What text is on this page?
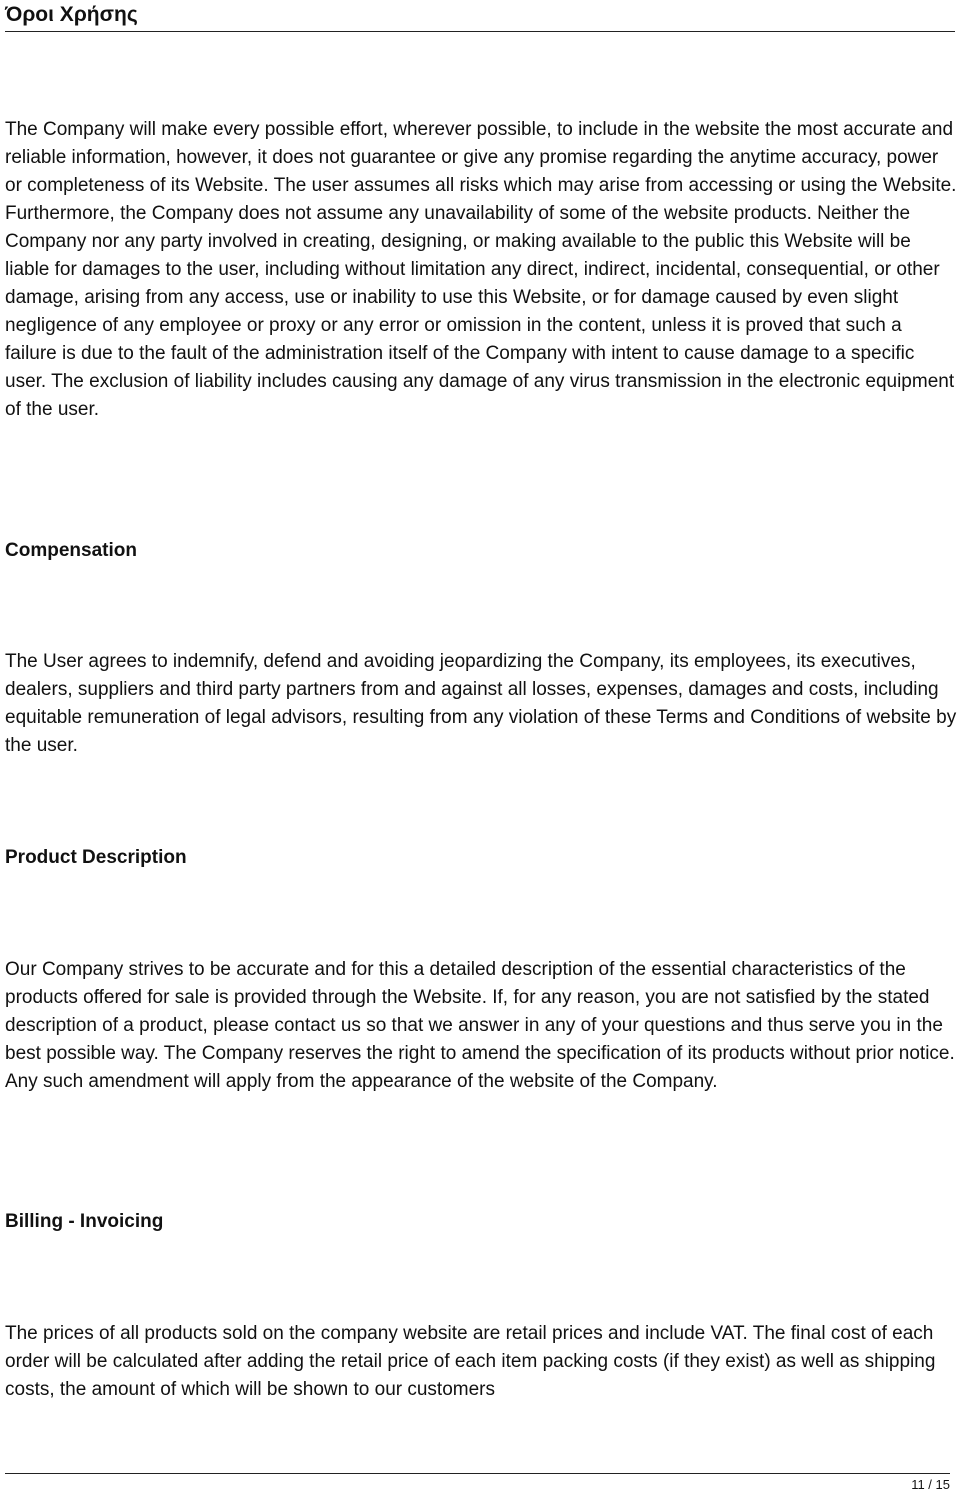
Όροι Χρήσης

The Company will make every possible effort, wherever possible, to include in the website the most accurate and reliable information, however, it does not guarantee or give any promise regarding the anytime accuracy, power or completeness of its Website. The user assumes all risks which may arise from accessing or using the Website. Furthermore, the Company does not assume any unavailability of some of the website products. Neither the Company nor any party involved in creating, designing, or making available to the public this Website will be liable for damages to the user, including without limitation any direct, indirect, incidental, consequential, or other damage, arising from any access, use or inability to use this Website, or for damage caused by even slight negligence of any employee or proxy or any error or omission in the content, unless it is proved that such a failure is due to the fault of the administration itself of the Company with intent to cause damage to a specific user. The exclusion of liability includes causing any damage of any virus transmission in the electronic equipment of the user.

Compensation

The User agrees to indemnify, defend and avoiding jeopardizing the Company, its employees, its executives, dealers, suppliers and third party partners from and against all losses, expenses, damages and costs, including equitable remuneration of legal advisors, resulting from any violation of these Terms and Conditions of website by the user.

Product Description

Our Company strives to be accurate and for this a detailed description of the essential characteristics of the products offered for sale is provided through the Website. If, for any reason, you are not satisfied by the stated description of a product, please contact us so that we answer in any of your questions and thus serve you in the best possible way. The Company reserves the right to amend the specification of its products without prior notice. Any such amendment will apply from the appearance of the website of the Company.

Billing - Invoicing

The prices of all products sold on the company website are retail prices and include VAT. The final cost of each order will be calculated after adding the retail price of each item packing costs (if they exist) as well as shipping costs, the amount of which will be shown to our customers

11 / 15
